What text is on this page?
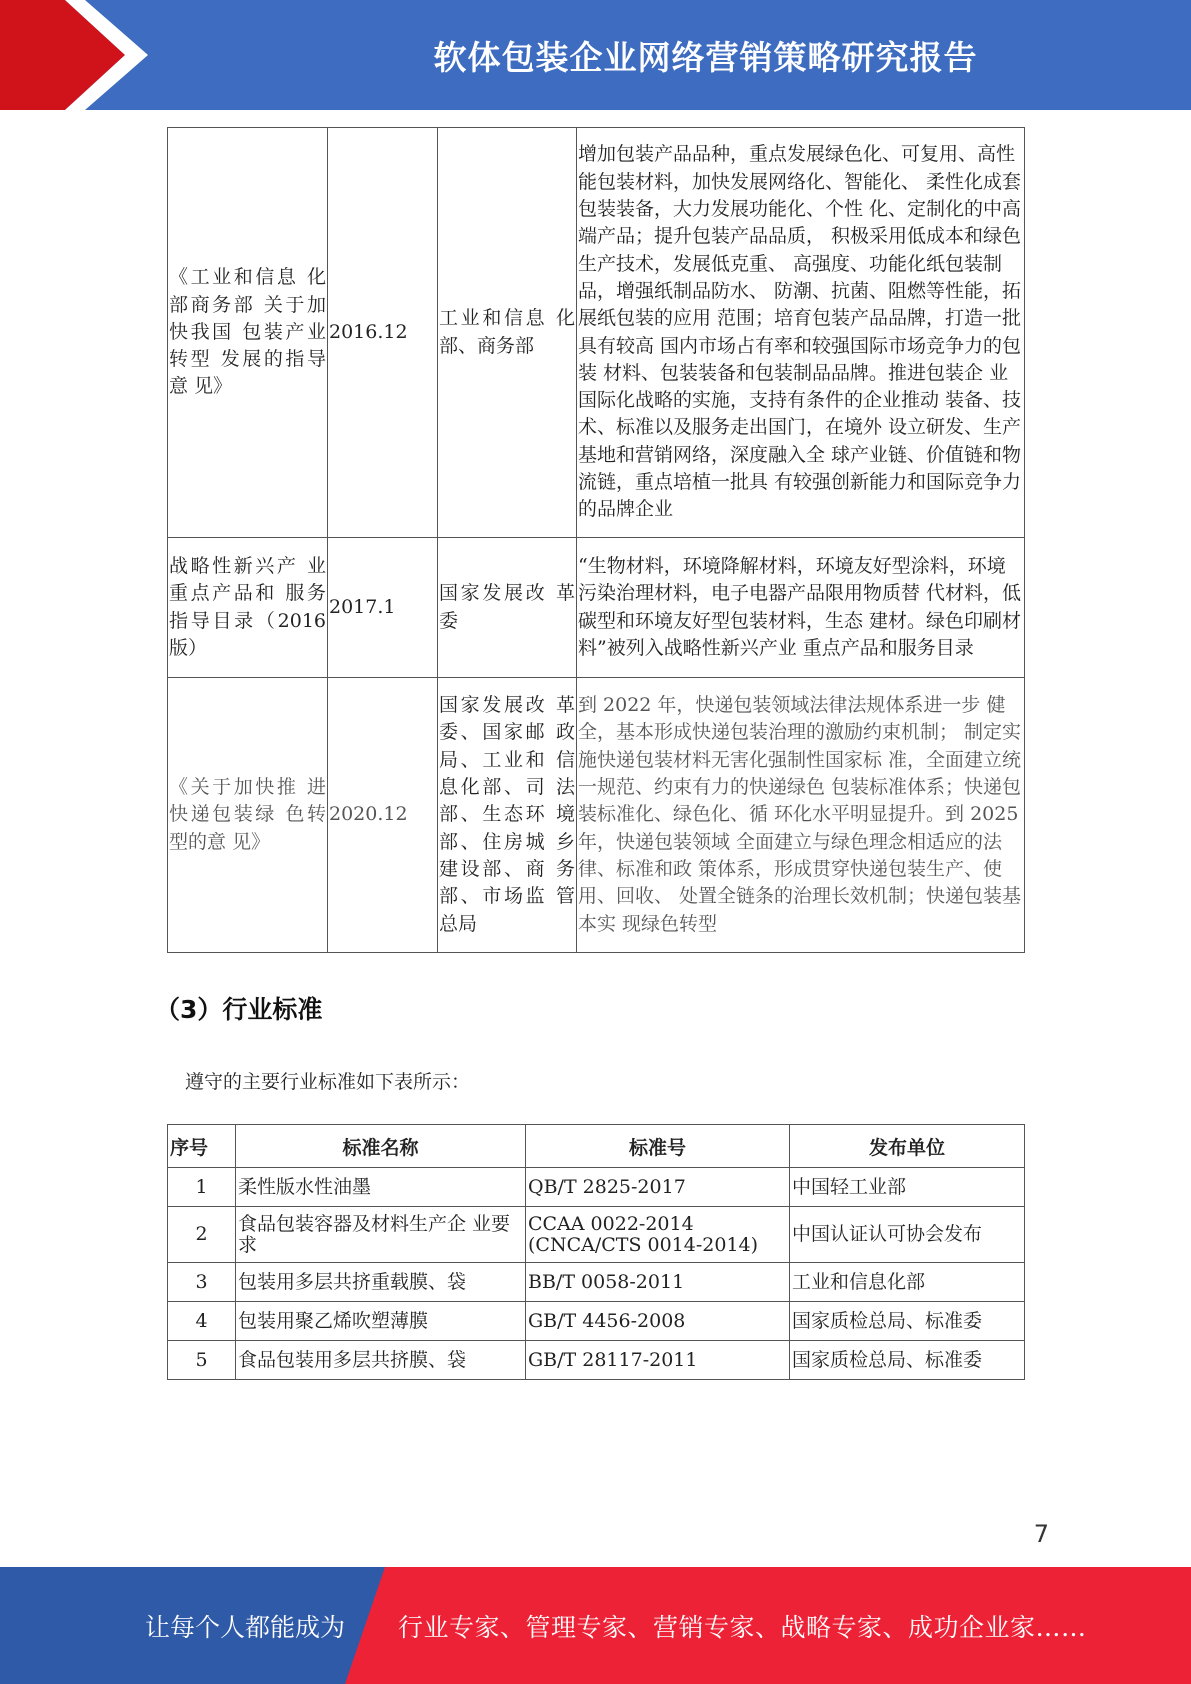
软体包装企业网络营销策略研究报告
《工业和信息 化部商务部 关于加快我国 包装产业转型 发展的指导意 见》	2016.12	工业和信息 化部、商务部	增加包装产品品种，重点发展绿色化、可复用、高性能包装材料，加快发展网络化、智能化、 柔性化成套包装装备，大力发展功能化、个性 化、定制化的中高端产品；提升包装产品品质， 积极采用低成本和绿色生产技术，发展低克重、 高强度、功能化纸包装制品，增强纸制品防水、 防潮、抗菌、阻燃等性能，拓展纸包装的应用 范围；培育包装产品品牌，打造一批具有较高 国内市场占有率和较强国际市场竞争力的包装 材料、包装装备和包装制品品牌。推进包装企 业国际化战略的实施，支持有条件的企业推动 装备、技术、标准以及服务走出国门，在境外 设立研发、生产基地和营销网络，深度融入全 球产业链、价值链和物流链，重点培植一批具 有较强创新能力和国际竞争力的品牌企业
战略性新兴产 业重点产品和 服务指导目录（2016 版）	2017.1	国家发展改 革委	“生物材料，环境降解材料，环境友好型涂料，环境污染治理材料，电子电器产品限用物质替 代材料，低碳型和环境友好型包装材料，生态 建材。绿色印刷材料”被列入战略性新兴产业 重点产品和服务目录
《关于加快推 进快递包装绿 色转型的意 见》	2020.12	国家发展改 革委、国家邮 政局、工业和 信息化部、司 法部、生态环 境部、住房城 乡建设部、商 务部、市场监 管总局	到 2022 年，快递包装领域法律法规体系进一步 健全，基本形成快递包装治理的激励约束机制； 制定实施快递包装材料无害化强制性国家标 准，全面建立统一规范、约束有力的快递绿色 包装标准体系；快递包装标准化、绿色化、循 环化水平明显提升。到 2025 年，快递包装领域 全面建立与绿色理念相适应的法律、标准和政 策体系，形成贯穿快递包装生产、使用、回收、 处置全链条的治理长效机制；快递包装基本实 现绿色转型
（3）行业标准
遵守的主要行业标准如下表所示：
序号	标准名称	标准号	发布单位
1	柔性版水性油墨	QB/T 2825-2017	中国轻工业部
2	食品包装容器及材料生产企 业要求	CCAA 0022-2014 (CNCA/CTS 0014-2014)	中国认证认可协会发布
3	包装用多层共挤重载膜、袋	BB/T 0058-2011	工业和信息化部
4	包装用聚乙烯吹塑薄膜	GB/T 4456-2008	国家质检总局、标准委
5	食品包装用多层共挤膜、袋	GB/T 28117-2011	国家质检总局、标准委
7
让每个人都能成为 行业专家、管理专家、营销专家、战略专家、成功企业家……
